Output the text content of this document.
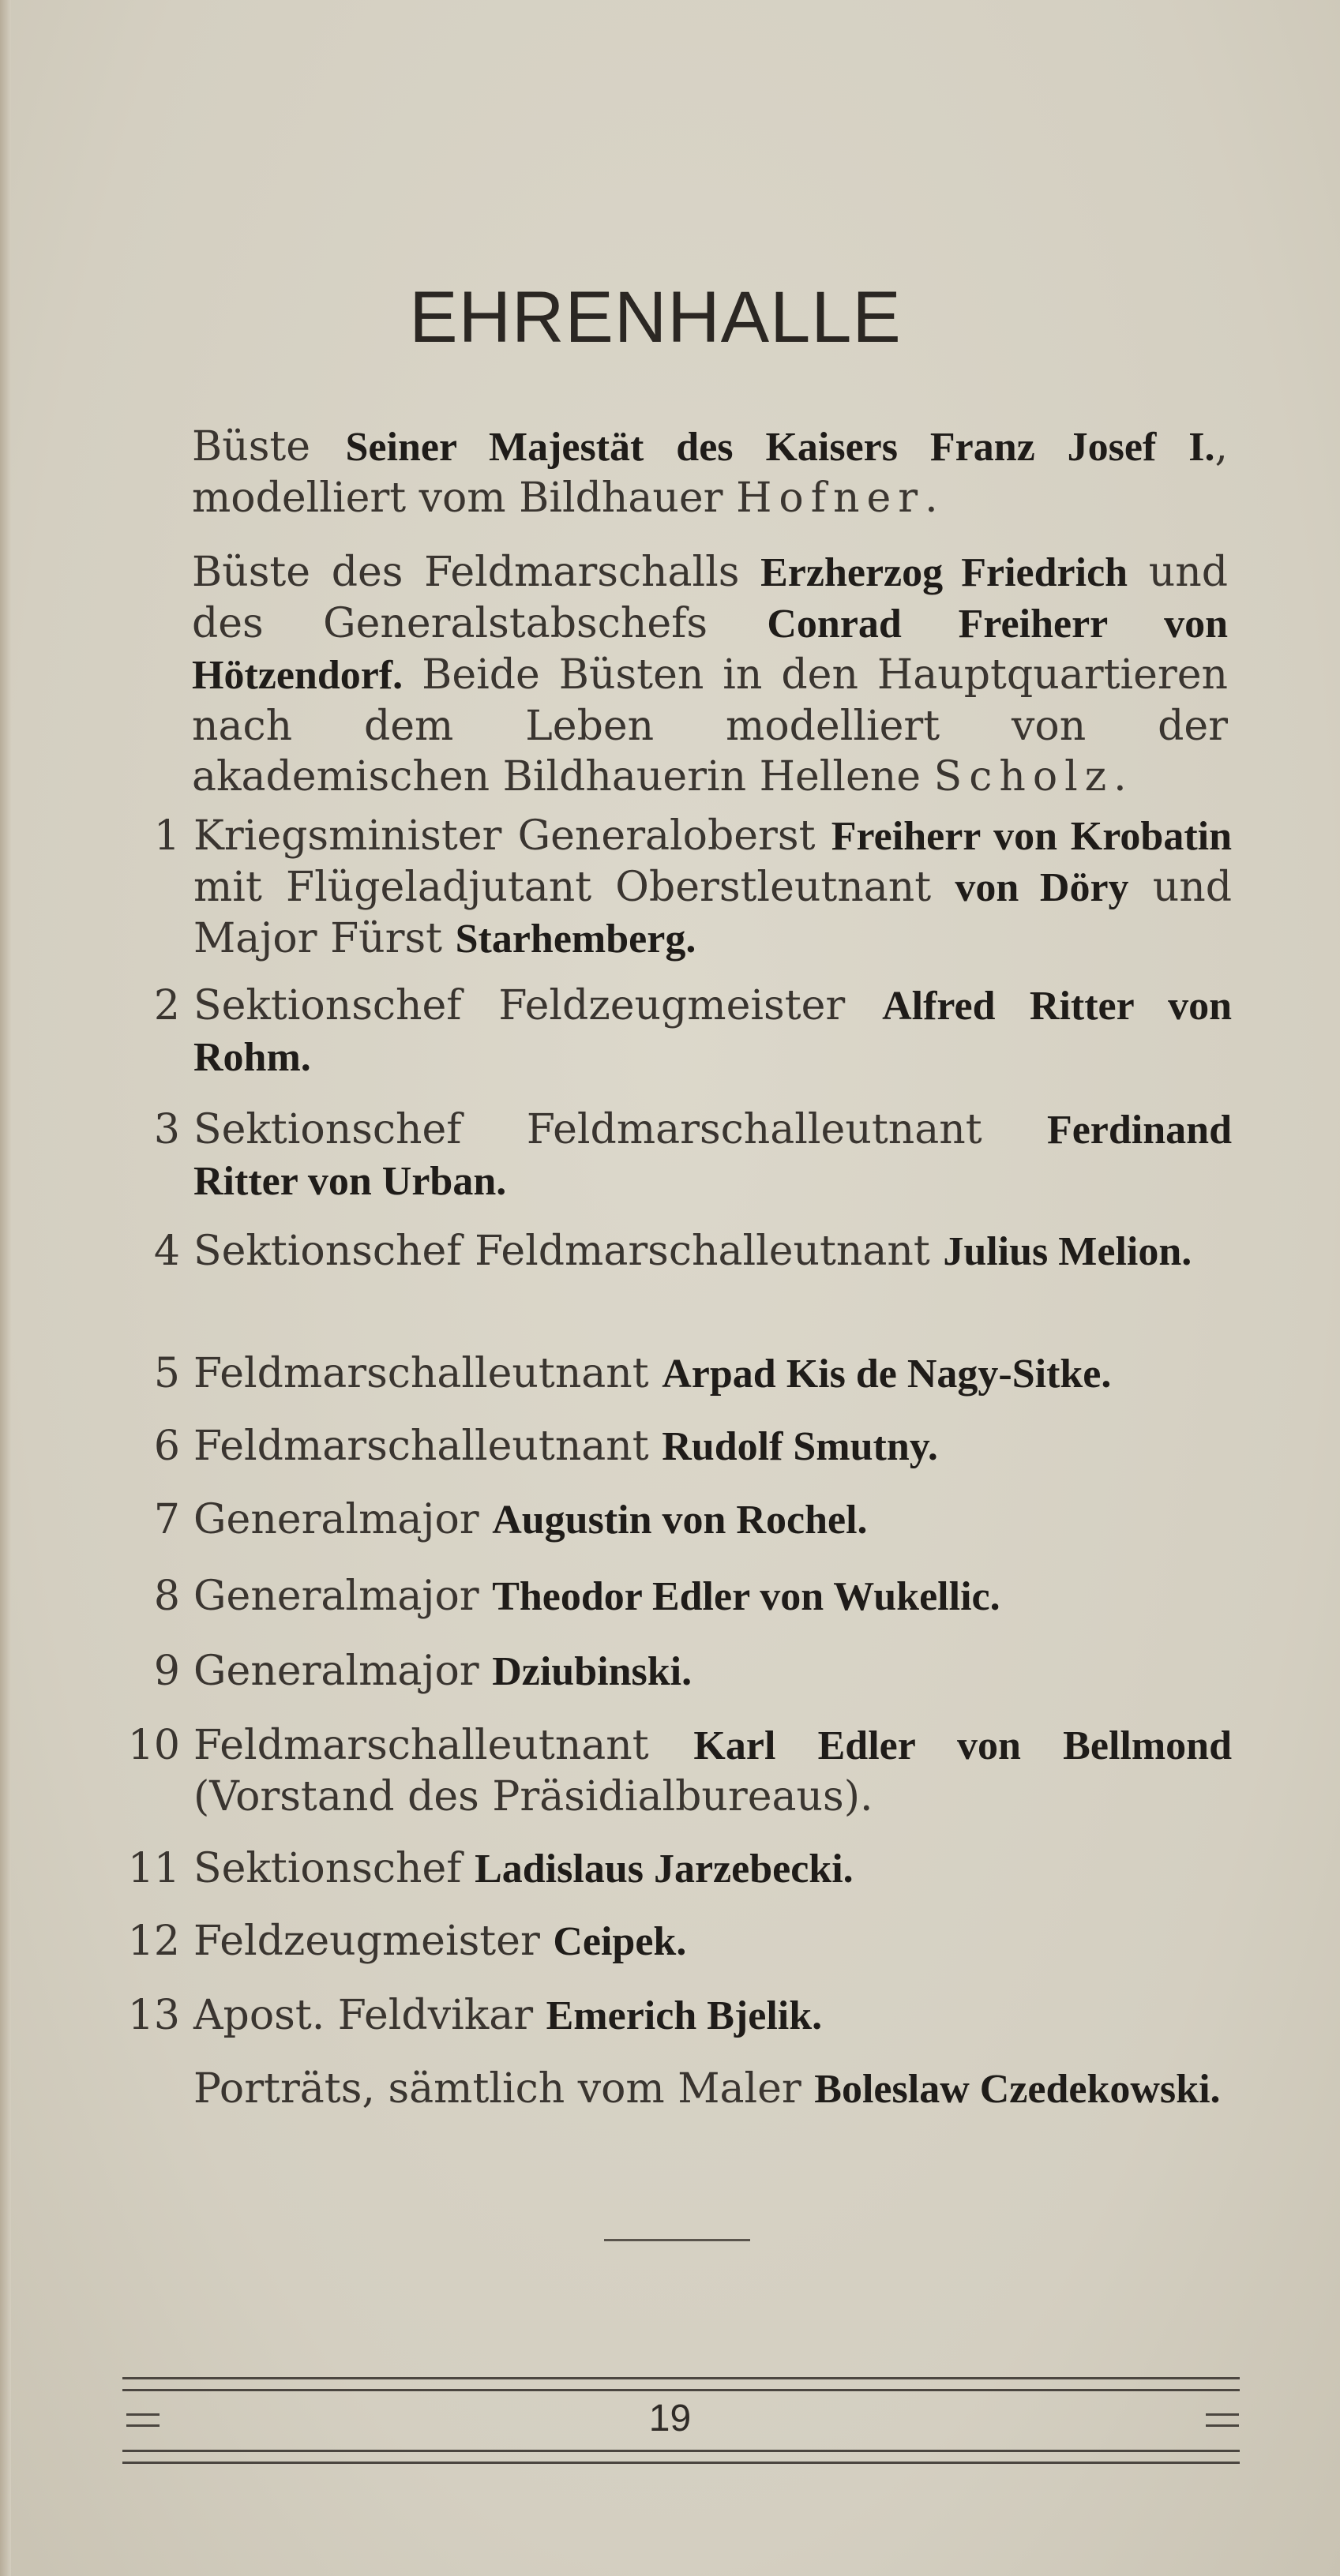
EHRENHALLE
Büste Seiner Majestät des Kaisers Franz Josef I., modelliert vom Bildhauer Hofner.
Büste des Feldmarschalls Erzherzog Friedrich und des Generalstabschefs Conrad Freiherr von Hötzendorf. Beide Büsten in den Hauptquartieren nach dem Leben modelliert von der akademischen Bildhauerin Hellene Scholz.
1 Kriegsminister Generaloberst Freiherr von Krobatin mit Flügeladjutant Oberstleutnant von Döry und Major Fürst Starhemberg.
2 Sektionschef Feldzeugmeister Alfred Ritter von Rohm.
3 Sektionschef Feldmarschalleutnant Ferdinand Ritter von Urban.
4 Sektionschef Feldmarschalleutnant Julius Melion.
5 Feldmarschalleutnant Arpad Kis de Nagy-Sitke.
6 Feldmarschalleutnant Rudolf Smutny.
7 Generalmajor Augustin von Rochel.
8 Generalmajor Theodor Edler von Wukellic.
9 Generalmajor Dziubinski.
10 Feldmarschalleutnant Karl Edler von Bellmond (Vorstand des Präsidialbureaus).
11 Sektionschef Ladislaus Jarzebecki.
12 Feldzeugmeister Ceipek.
13 Apost. Feldvikar Emerich Bjelik.
Porträts, sämtlich vom Maler Boleslaw Czedekowski.
19
